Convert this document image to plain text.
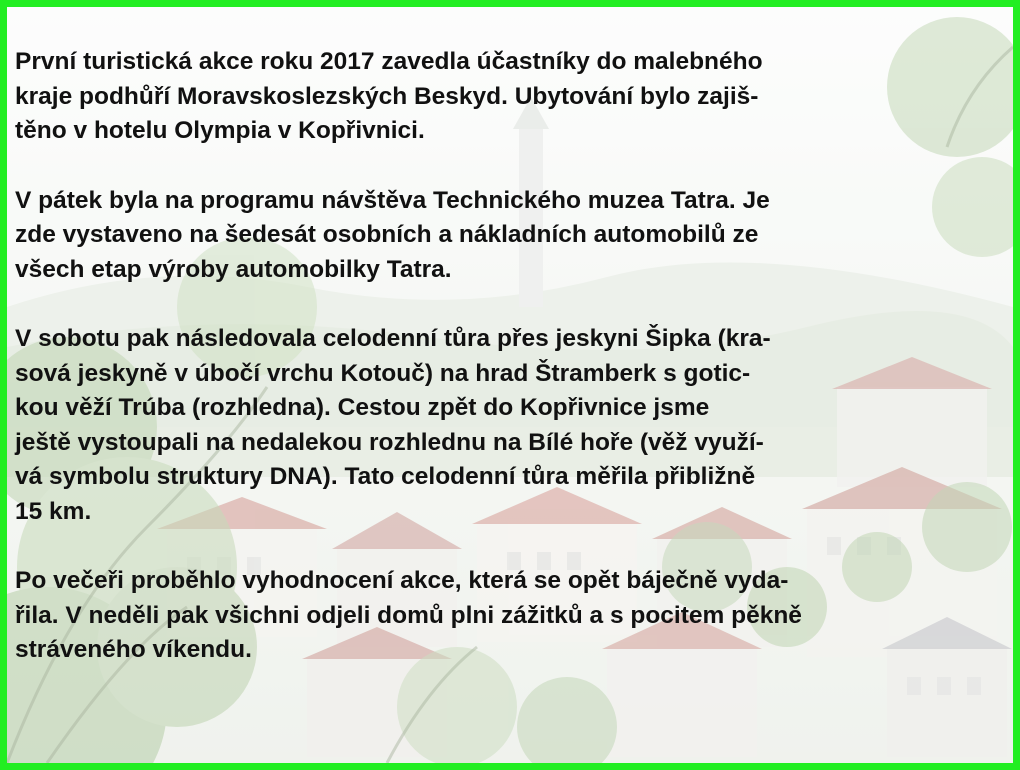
První turistická akce roku 2017 zavedla účastníky do malebného
kraje podhůří Moravskoslezských Beskyd. Ubytování bylo zajiš-
těno v hotelu Olympia v Kopřivnici.

V pátek byla na programu návštěva Technického muzea Tatra. Je
zde vystaveno na šedesát osobních a nákladních automobilů ze
všech etap výroby automobilky Tatra.

V sobotu pak následovala celodenní tůra přes jeskyni Šipka (kra-
sová jeskyně v úbočí vrchu Kotouč) na hrad Štramberk s gotic-
kou věží Trúba (rozhledna). Cestou zpět do Kopřivnice jsme
ještě vystoupali na nedalekou rozhlednu na Bílé hoře (věž využí-
vá symbolu struktury DNA). Tato celodenní tůra měřila přibližně
15 km.

Po večeři proběhlo vyhodnocení akce, která se opět báječně vyda-
řila. V neděli pak všichni odjeli domů plni zážitků a s pocitem pěkně
stráveného víkendu.
